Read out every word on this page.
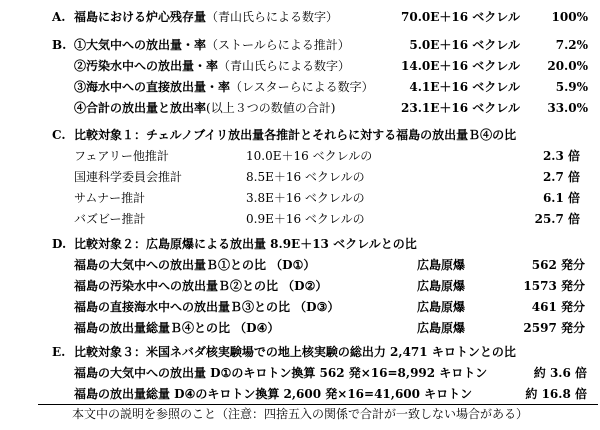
A. 福島における炉心残存量（青山氏らによる数字）	70.0E＋16 ベクレル	100%
B. ①大気中への放出量・率（ストールらによる推計）	5.0E＋16 ベクレル	7.2%
②汚染水中への放出量・率（青山氏らによる数字）	14.0E＋16 ベクレル	20.0%
③海水中への直接放出量・率（レスターらによる数字）	4.1E＋16 ベクレル	5.9%
④合計の放出量と放出率(以上３つの数値の合計)	23.1E＋16 ベクレル	33.0%
C. 比較対象１：チェルノブイリ放出量各推計とそれらに対する福島の放出量Ｂ④の比
フェアリー他推計	10.0E＋16 ベクレルの	2.3 倍
国連科学委員会推計	8.5E＋16 ベクレルの	2.7 倍
サムナー推計	3.8E＋16 ベクレルの	6.1 倍
バズビー推計	0.9E＋16 ベクレルの	25.7 倍
D. 比較対象２：広島原爆による放出量 8.9E＋13 ベクレルとの比
福島の大気中への放出量Ｂ①との比 （D①）	広島原爆	562 発分
福島の汚染水中への放出量Ｂ②との比 （D②）	広島原爆	1573 発分
福島の直接海水中への放出量Ｂ③との比 （D③）	広島原爆	461 発分
福島の放出量総量Ｂ④との比 （D④）	広島原爆	2597 発分
E. 比較対象３：米国ネバダ核実験場での地上核実験の総出力 2,471 キロトンとの比
福島の大気中への放出量 D①のキロトン換算 562 発×16=8,992 キロトン	約 3.6 倍
福島の放出量総量 D④のキロトン換算 2,600 発×16=41,600 キロトン	約 16.8 倍
本文中の説明を参照のこと（注意：四捨五入の関係で合計が一致しない場合がある）
